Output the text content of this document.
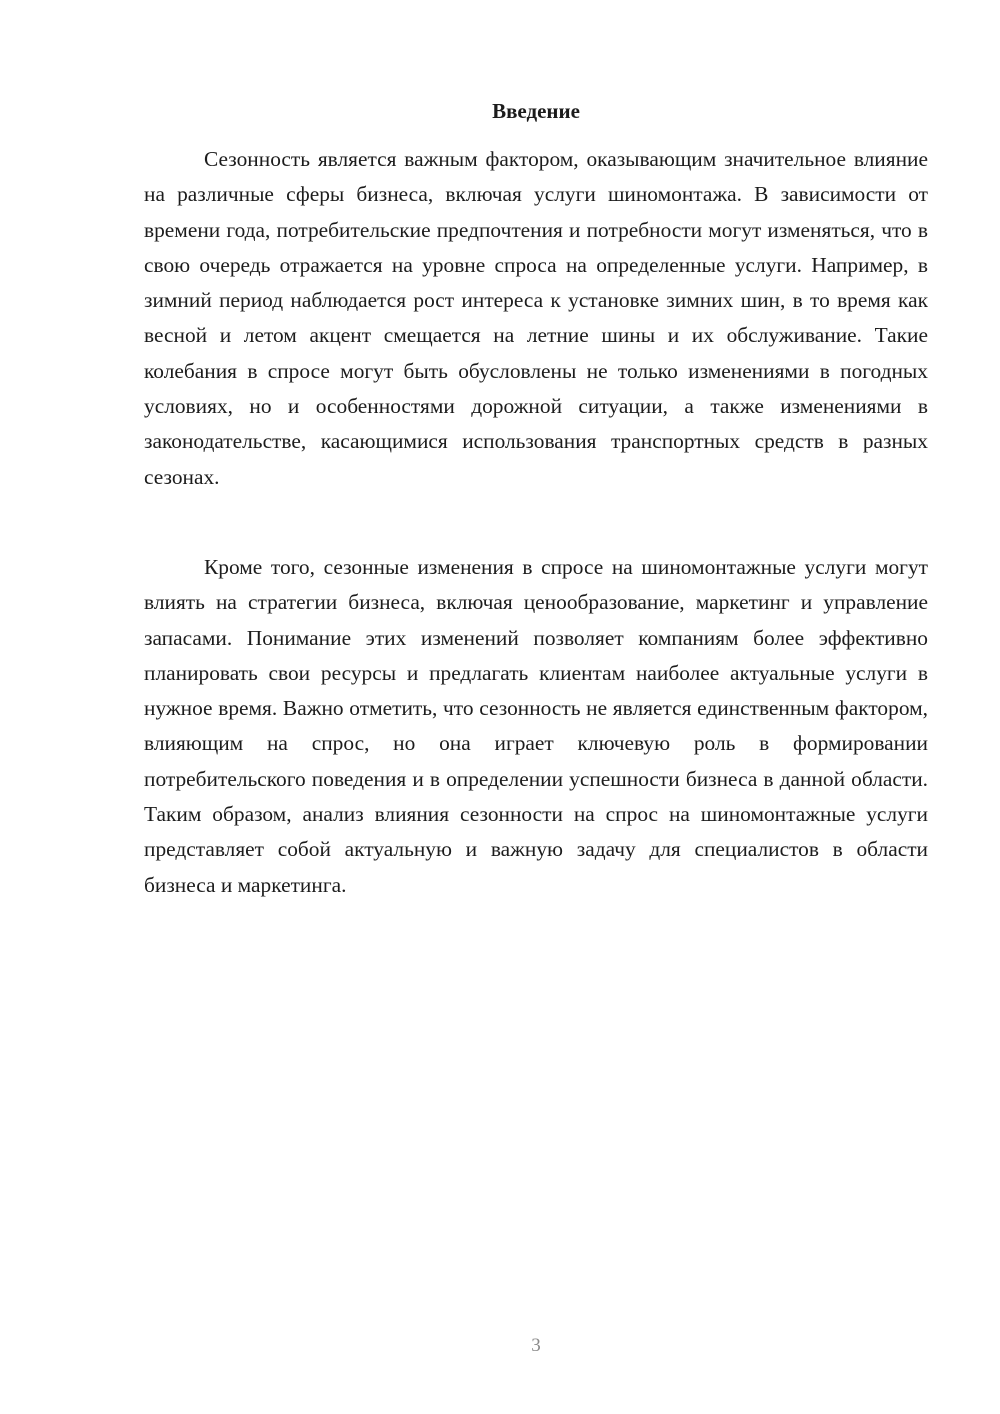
Введение

Сезонность является важным фактором, оказывающим значительное влияние на различные сферы бизнеса, включая услуги шиномонтажа. В зависимости от времени года, потребительские предпочтения и потребности могут изменяться, что в свою очередь отражается на уровне спроса на определенные услуги. Например, в зимний период наблюдается рост интереса к установке зимних шин, в то время как весной и летом акцент смещается на летние шины и их обслуживание. Такие колебания в спросе могут быть обусловлены не только изменениями в погодных условиях, но и особенностями дорожной ситуации, а также изменениями в законодательстве, касающимися использования транспортных средств в разных сезонах.

Кроме того, сезонные изменения в спросе на шиномонтажные услуги могут влиять на стратегии бизнеса, включая ценообразование, маркетинг и управление запасами. Понимание этих изменений позволяет компаниям более эффективно планировать свои ресурсы и предлагать клиентам наиболее актуальные услуги в нужное время. Важно отметить, что сезонность не является единственным фактором, влияющим на спрос, но она играет ключевую роль в формировании потребительского поведения и в определении успешности бизнеса в данной области. Таким образом, анализ влияния сезонности на спрос на шиномонтажные услуги представляет собой актуальную и важную задачу для специалистов в области бизнеса и маркетинга.

3
